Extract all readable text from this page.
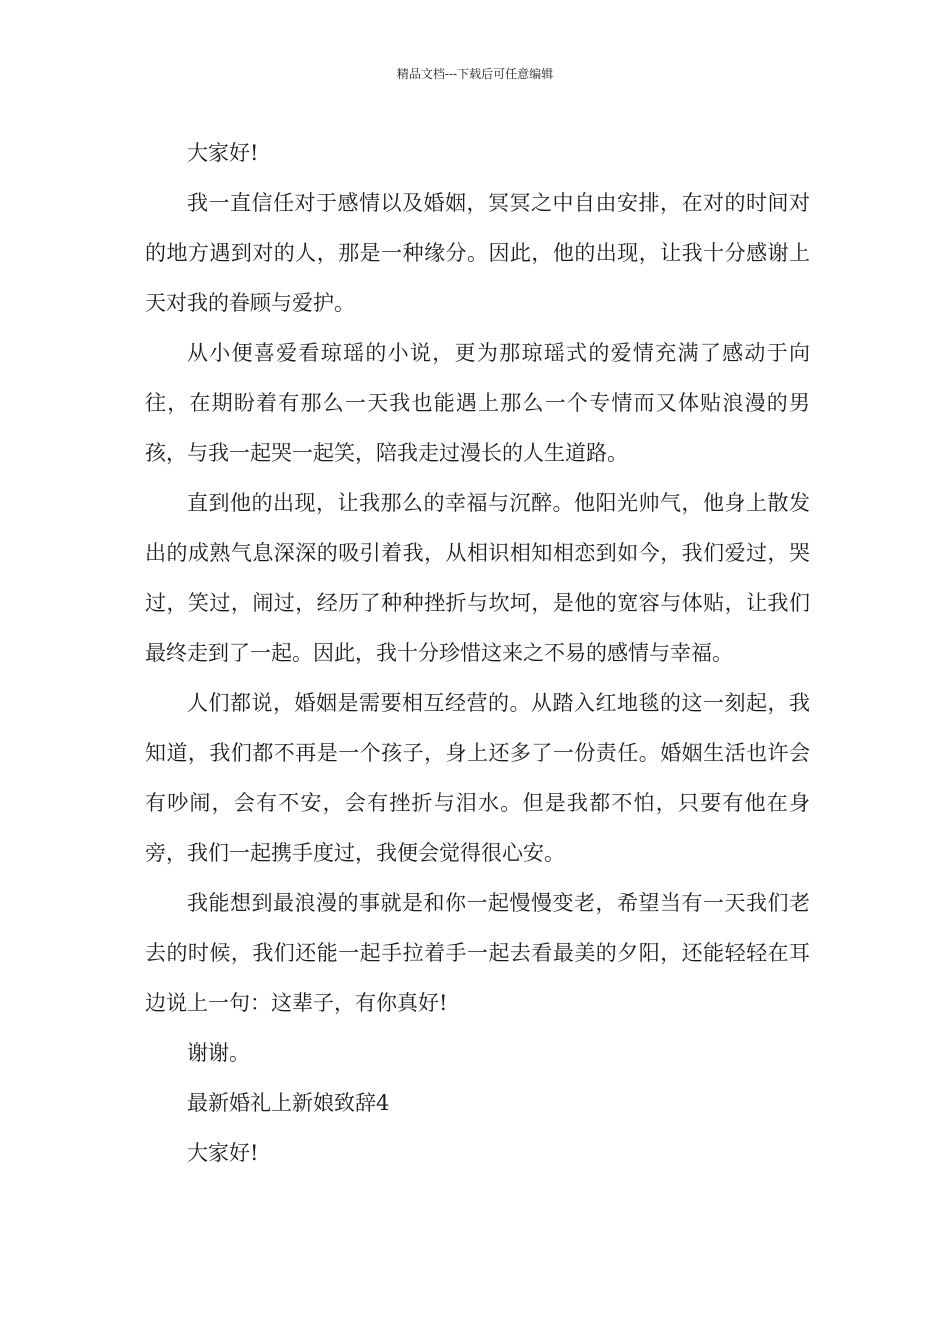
精品文档---下载后可任意编辑

大家好!

我一直信任对于感情以及婚姻，冥冥之中自由安排，在对的时间对的地方遇到对的人，那是一种缘分。因此，他的出现，让我十分感谢上天对我的眷顾与爱护。

从小便喜爱看琼瑶的小说，更为那琼瑶式的爱情充满了感动于向往，在期盼着有那么一天我也能遇上那么一个专情而又体贴浪漫的男孩，与我一起哭一起笑，陪我走过漫长的人生道路。

直到他的出现，让我那么的幸福与沉醉。他阳光帅气，他身上散发出的成熟气息深深的吸引着我，从相识相知相恋到如今，我们爱过，哭过，笑过，闹过，经历了种种挫折与坎坷，是他的宽容与体贴，让我们最终走到了一起。因此，我十分珍惜这来之不易的感情与幸福。

人们都说，婚姻是需要相互经营的。从踏入红地毯的这一刻起，我知道，我们都不再是一个孩子，身上还多了一份责任。婚姻生活也许会有吵闹，会有不安，会有挫折与泪水。但是我都不怕，只要有他在身旁，我们一起携手度过，我便会觉得很心安。

我能想到最浪漫的事就是和你一起慢慢变老，希望当有一天我们老去的时候，我们还能一起手拉着手一起去看最美的夕阳，还能轻轻在耳边说上一句：这辈子，有你真好!

谢谢。

最新婚礼上新娘致辞4

大家好!
